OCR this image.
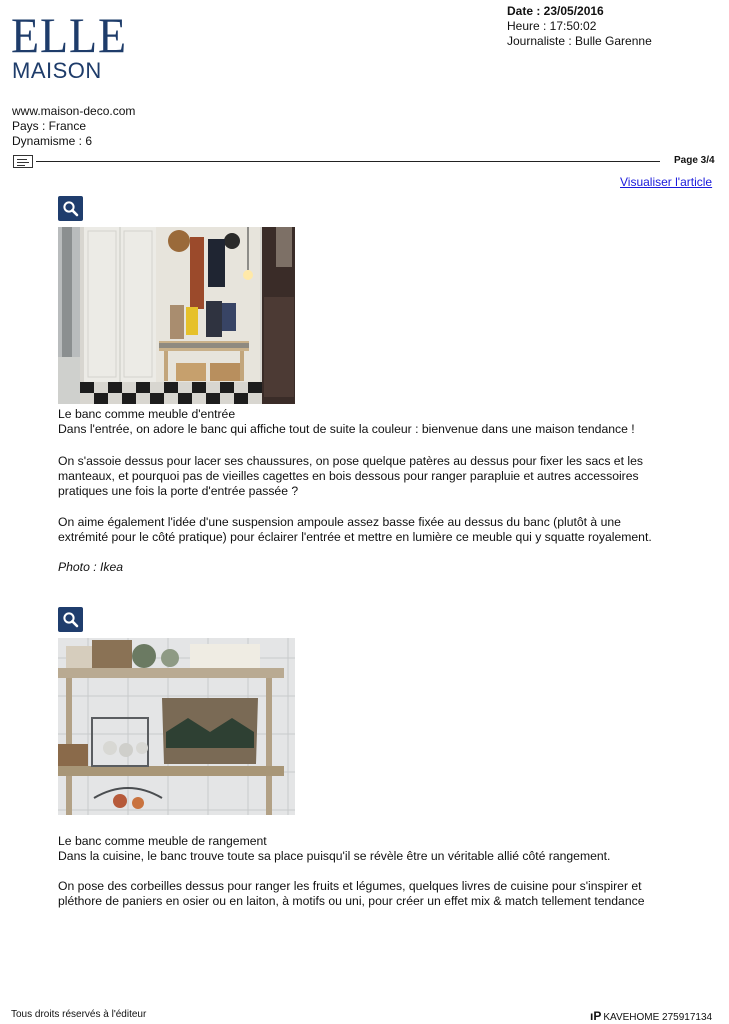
ELLE
MAISON
Date : 23/05/2016
Heure : 17:50:02
Journaliste : Bulle Garenne
www.maison-deco.com
Pays : France
Dynamisme : 6
Page 3/4
Visualiser l'article

Le banc comme meuble d'entrée

Dans l'entrée, on adore le banc qui affiche tout de suite la couleur : bienvenue dans une maison tendance !

On s'assoie dessus pour lacer ses chaussures, on pose quelque patères au dessus pour fixer les sacs et les manteaux, et pourquoi pas de vieilles cagettes en bois dessous pour ranger parapluie et autres accessoires pratiques une fois la porte d'entrée passée ?
On aime également l'idée d'une suspension ampoule assez basse fixée au dessus du banc (plutôt à une extrémité pour le côté pratique) pour éclairer l'entrée et mettre en lumière ce meuble qui y squatte royalement.
Photo : Ikea

Le banc comme meuble de rangement

Dans la cuisine, le banc trouve toute sa place puisqu'il se révèle être un véritable allié côté rangement.

On pose des corbeilles dessus pour ranger les fruits et légumes, quelques livres de cuisine pour s'inspirer et pléthore de paniers en osier ou en laiton, à motifs ou uni, pour créer un effet mix & match tellement tendance
Tous droits réservés à l'éditeur	ıP KAVEHOME 275917134
